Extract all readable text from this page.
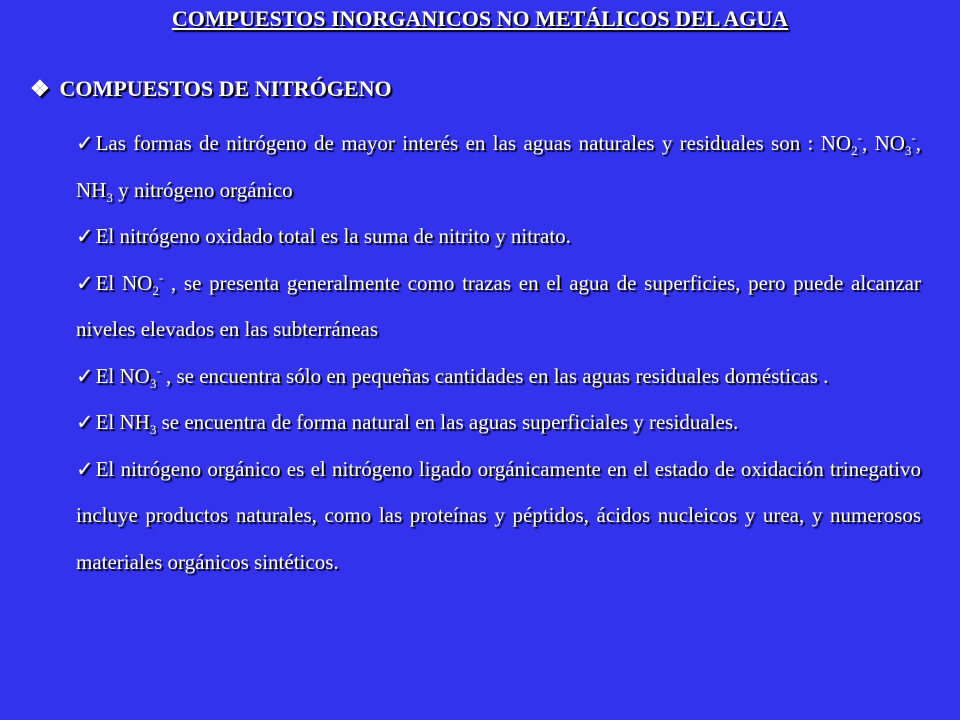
COMPUESTOS INORGANICOS NO METÁLICOS DEL AGUA
❖ COMPUESTOS DE NITRÓGENO

✓Las formas de nitrógeno de mayor interés en las aguas naturales y residuales son : $NO_2^-$, $NO_3^-$, $NH_3$ y nitrógeno orgánico

✓El nitrógeno oxidado total es la suma de nitrito y nitrato.

✓El $NO_2^-$ , se presenta generalmente como trazas en el agua de superficies, pero puede alcanzar niveles elevados en las subterráneas

✓El $NO_3^-$ , se encuentra sólo en pequeñas cantidades en las aguas residuales domésticas .

✓El $NH_3$ se encuentra de forma natural en las aguas superficiales y residuales.

✓El nitrógeno orgánico es el nitrógeno ligado orgánicamente en el estado de oxidación trinegativo incluye productos naturales, como las proteínas y péptidos, ácidos nucleicos y urea, y numerosos materiales orgánicos sintéticos.
